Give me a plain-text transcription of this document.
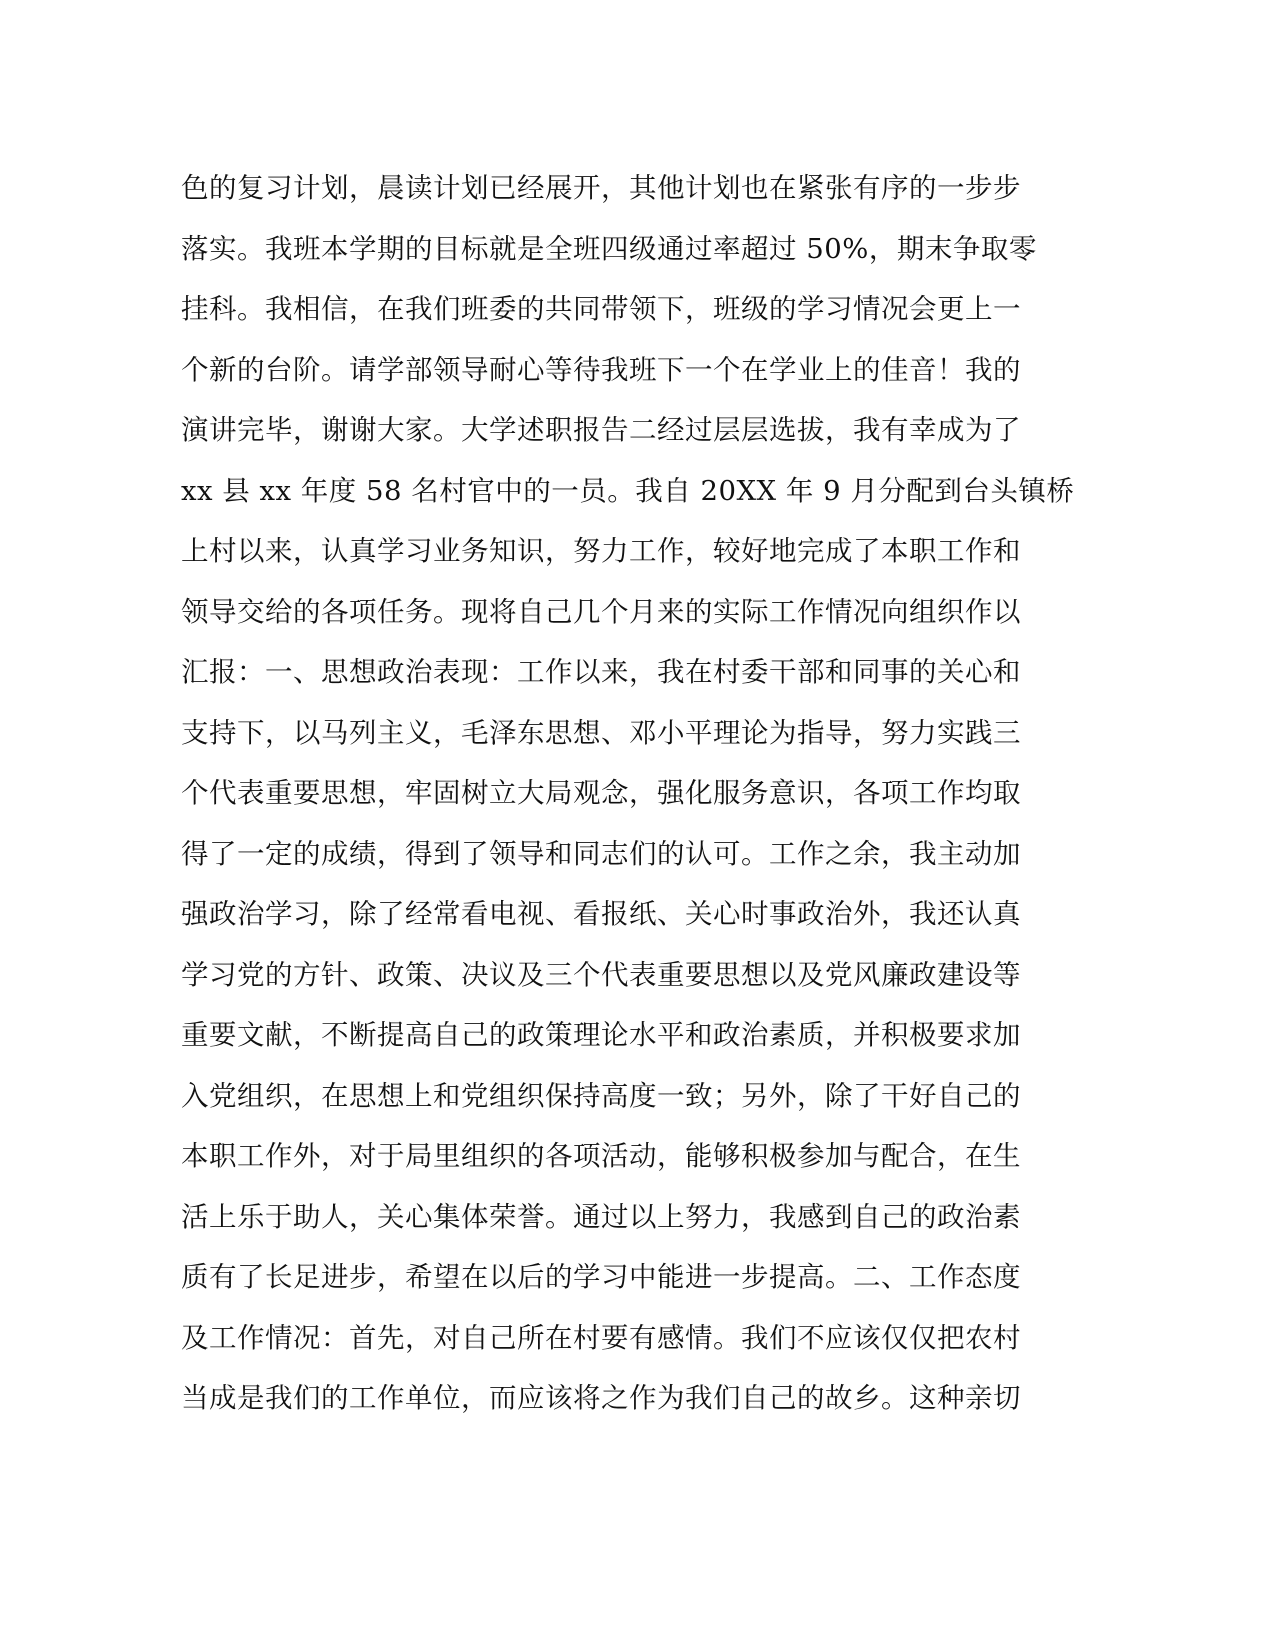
色的复习计划，晨读计划已经展开，其他计划也在紧张有序的一步步
落实。我班本学期的目标就是全班四级通过率超过 50%，期末争取零
挂科。我相信，在我们班委的共同带领下，班级的学习情况会更上一
个新的台阶。请学部领导耐心等待我班下一个在学业上的佳音！我的
演讲完毕，谢谢大家。大学述职报告二经过层层选拔，我有幸成为了
xx 县 xx 年度 58 名村官中的一员。我自 20XX 年 9 月分配到台头镇桥
上村以来，认真学习业务知识，努力工作，较好地完成了本职工作和
领导交给的各项任务。现将自己几个月来的实际工作情况向组织作以
汇报：一、思想政治表现：工作以来，我在村委干部和同事的关心和
支持下，以马列主义，毛泽东思想、邓小平理论为指导，努力实践三
个代表重要思想，牢固树立大局观念，强化服务意识，各项工作均取
得了一定的成绩，得到了领导和同志们的认可。工作之余，我主动加
强政治学习，除了经常看电视、看报纸、关心时事政治外，我还认真
学习党的方针、政策、决议及三个代表重要思想以及党风廉政建设等
重要文献，不断提高自己的政策理论水平和政治素质，并积极要求加
入党组织，在思想上和党组织保持高度一致；另外，除了干好自己的
本职工作外，对于局里组织的各项活动，能够积极参加与配合，在生
活上乐于助人，关心集体荣誉。通过以上努力，我感到自己的政治素
质有了长足进步，希望在以后的学习中能进一步提高。二、工作态度
及工作情况：首先，对自己所在村要有感情。我们不应该仅仅把农村
当成是我们的工作单位，而应该将之作为我们自己的故乡。这种亲切
